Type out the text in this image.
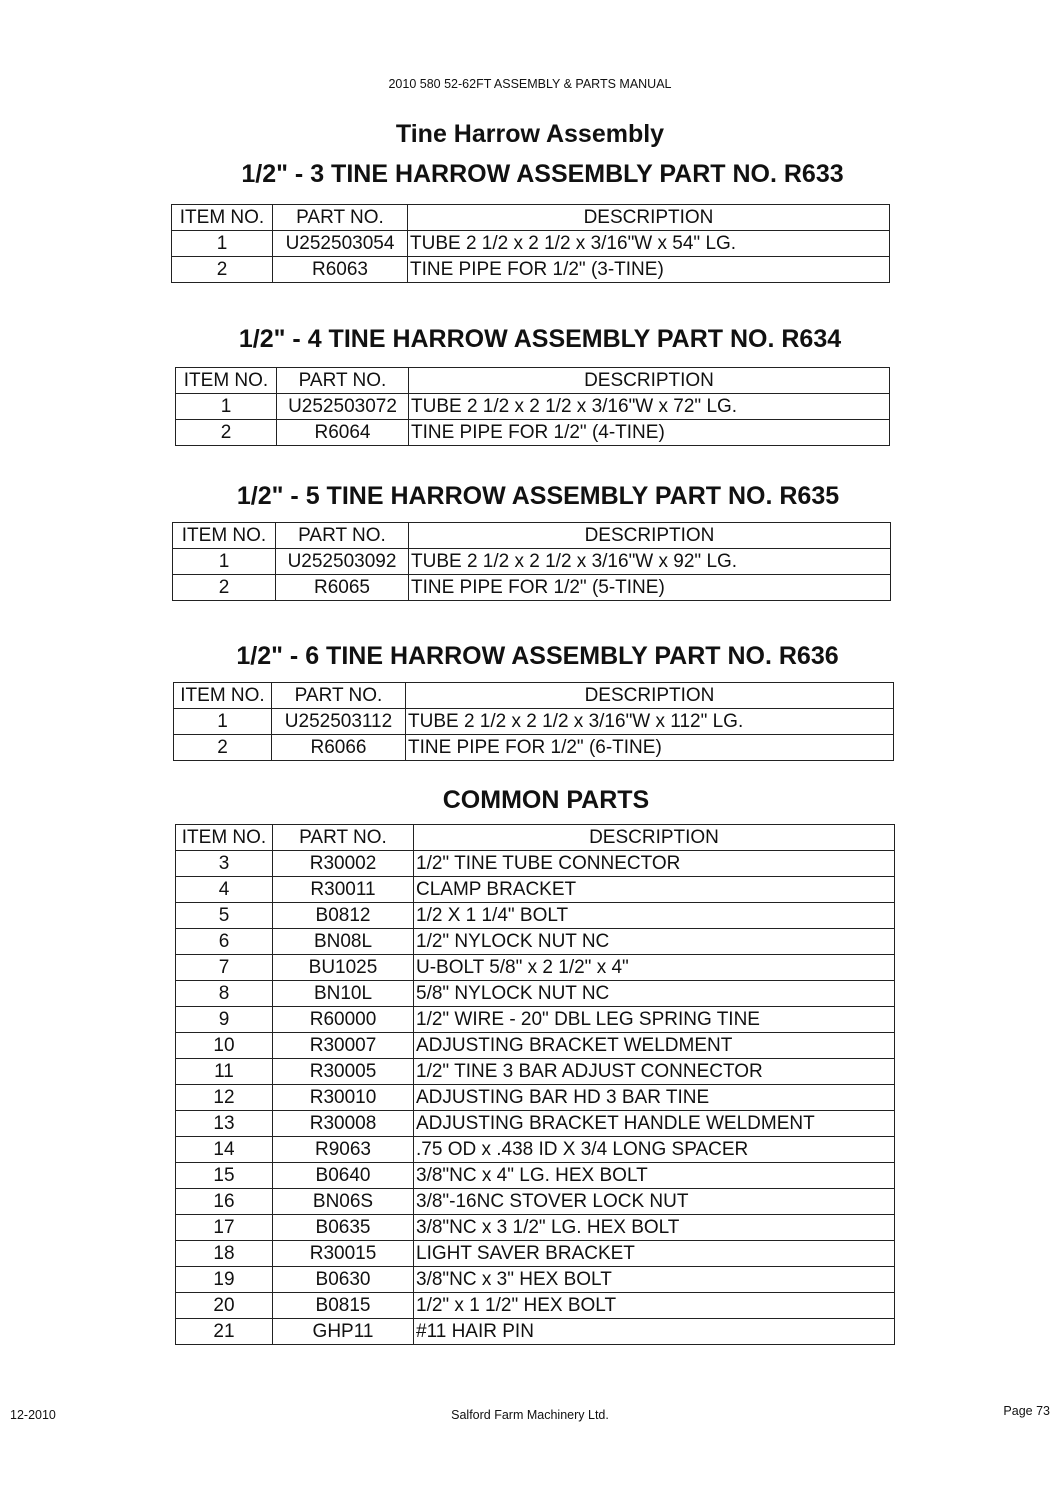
2010 580 52-62FT ASSEMBLY & PARTS MANUAL
Tine Harrow Assembly
1/2" - 3 TINE HARROW ASSEMBLY PART NO. R633
ITEM NO.	PART NO.	DESCRIPTION
1	U252503054	TUBE 2 1/2 x 2 1/2 x 3/16"W x 54" LG.
2	R6063	TINE PIPE FOR 1/2" (3-TINE)
1/2" - 4 TINE HARROW ASSEMBLY PART NO. R634
ITEM NO.	PART NO.	DESCRIPTION
1	U252503072	TUBE 2 1/2 x 2 1/2 x 3/16"W x 72" LG.
2	R6064	TINE PIPE FOR 1/2" (4-TINE)
1/2" - 5 TINE HARROW ASSEMBLY PART NO. R635
ITEM NO.	PART NO.	DESCRIPTION
1	U252503092	TUBE 2 1/2 x 2 1/2 x 3/16"W x 92" LG.
2	R6065	TINE PIPE FOR 1/2" (5-TINE)
1/2" - 6 TINE HARROW ASSEMBLY PART NO. R636
ITEM NO.	PART NO.	DESCRIPTION
1	U252503112	TUBE 2 1/2 x 2 1/2 x 3/16"W x 112" LG.
2	R6066	TINE PIPE FOR 1/2" (6-TINE)
COMMON PARTS
ITEM NO.	PART NO.	DESCRIPTION
3	R30002	1/2" TINE TUBE CONNECTOR
4	R30011	CLAMP BRACKET
5	B0812	1/2 X 1 1/4" BOLT
6	BN08L	1/2" NYLOCK NUT NC
7	BU1025	U-BOLT 5/8" x 2 1/2" x 4"
8	BN10L	5/8" NYLOCK NUT NC
9	R60000	1/2" WIRE - 20" DBL LEG SPRING TINE
10	R30007	ADJUSTING BRACKET WELDMENT
11	R30005	1/2" TINE 3 BAR ADJUST CONNECTOR
12	R30010	ADJUSTING BAR HD 3 BAR TINE
13	R30008	ADJUSTING BRACKET HANDLE WELDMENT
14	R9063	.75 OD x .438 ID X 3/4 LONG SPACER
15	B0640	3/8"NC x 4" LG. HEX BOLT
16	BN06S	3/8"-16NC STOVER LOCK NUT
17	B0635	3/8"NC x 3 1/2" LG. HEX BOLT
18	R30015	LIGHT SAVER BRACKET
19	B0630	3/8"NC x 3" HEX BOLT
20	B0815	1/2" x 1 1/2" HEX BOLT
21	GHP11	#11 HAIR PIN
12-2010	Salford Farm Machinery Ltd.	Page 73
